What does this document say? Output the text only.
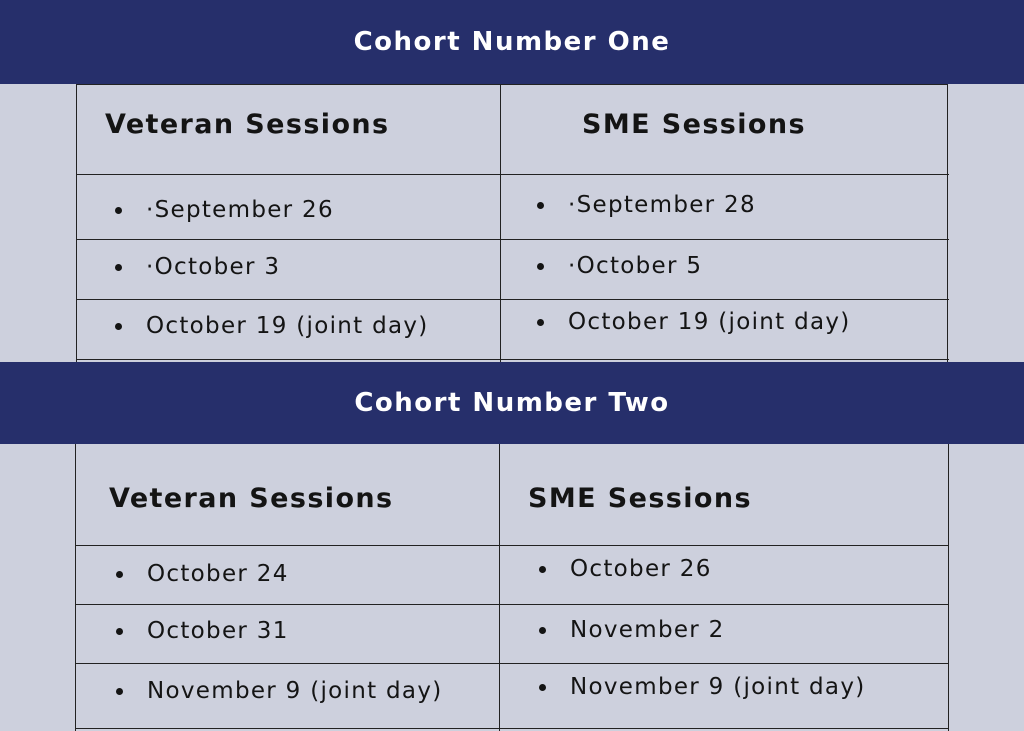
Cohort Number One
Veteran Sessions	SME Sessions
·September 26
·October 3
October 19 (joint day)
·September 28
·October 5
October 19 (joint day)
Cohort Number Two
Veteran Sessions	SME Sessions
October 24
October 31
November 9 (joint day)
October 26
November 2
November 9 (joint day)
